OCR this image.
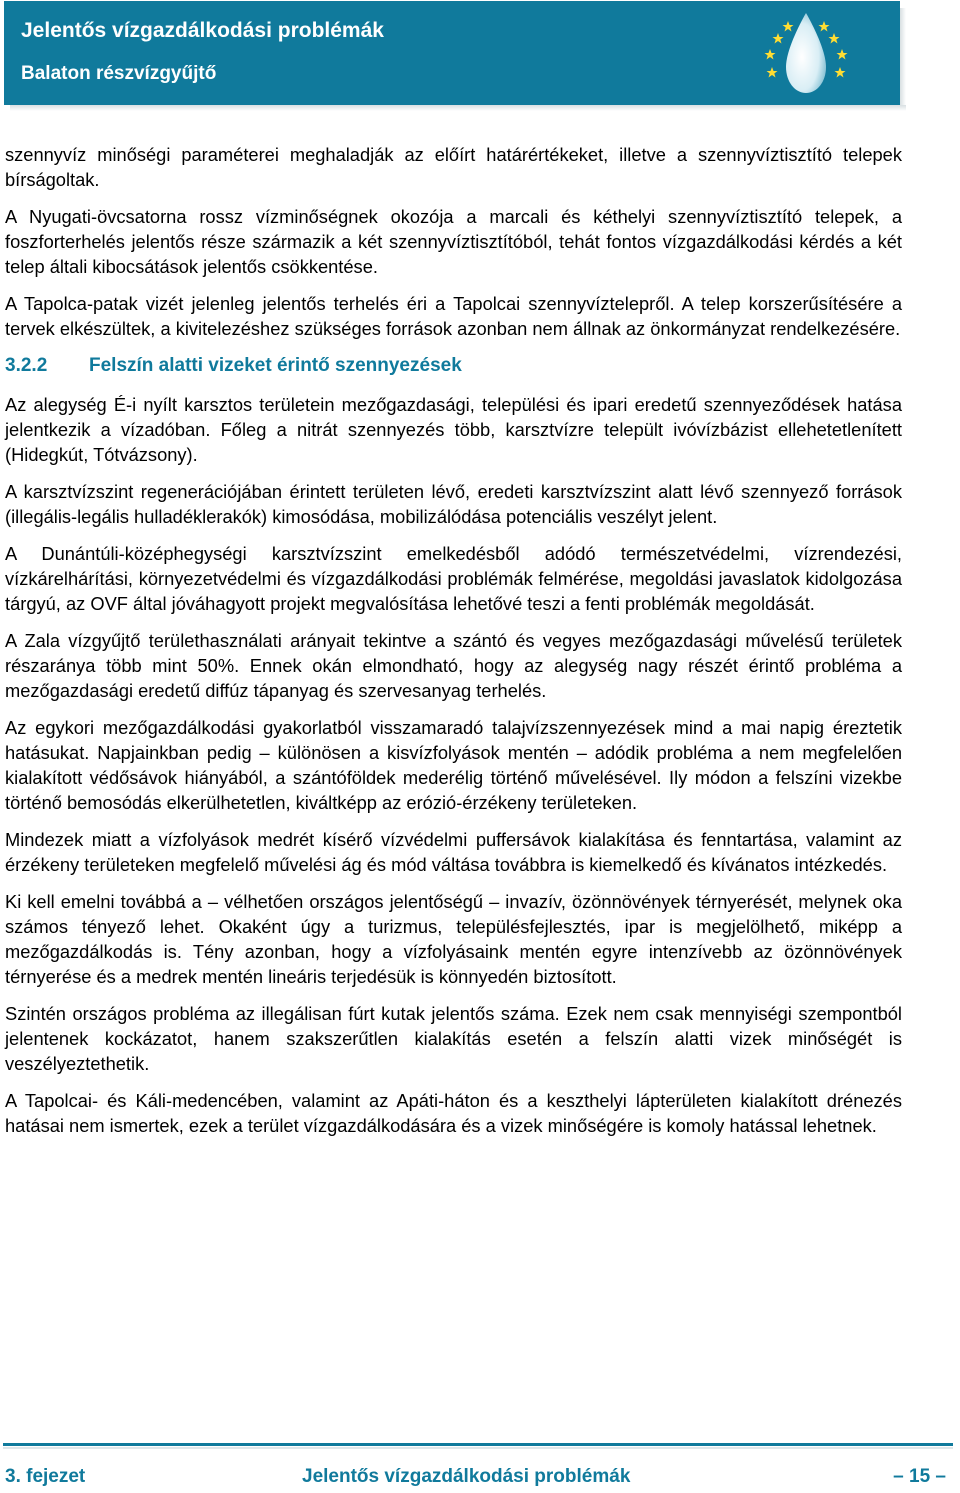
Jelentős vízgazdálkodási problémák
Balaton részvízgyűjtő

szennyvíz minőségi paraméterei meghaladják az előírt határértékeket, illetve a szennyvíztisztító telepek bírságoltak.

A Nyugati-övcsatorna rossz vízminőségnek okozója a marcali és kéthelyi szennyvíztisztító telepek, a foszforterhelés jelentős része származik a két szennyvíztisztítóból, tehát fontos vízgazdálkodási kérdés a két telep általi kibocsátások jelentős csökkentése.

A Tapolca-patak vizét jelenleg jelentős terhelés éri a Tapolcai szennyvíztelepről. A telep korszerűsítésére a tervek elkészültek, a kivitelezéshez szükséges források azonban nem állnak az önkormányzat rendelkezésére.

3.2.2 Felszín alatti vizeket érintő szennyezések

Az alegység É-i nyílt karsztos területein mezőgazdasági, települési és ipari eredetű szennyeződések hatása jelentkezik a vízadóban. Főleg a nitrát szennyezés több, karsztvízre települt ivóvízbázist ellehetetlenített (Hidegkút, Tótvázsony).

A karsztvízszint regenerációjában érintett területen lévő, eredeti karsztvízszint alatt lévő szennyező források (illegális-legális hulladéklerakók) kimosódása, mobilizálódása potenciális veszélyt jelent.

A Dunántúli-középhegységi karsztvízszint emelkedésből adódó természetvédelmi, vízrendezési, vízkárelhárítási, környezetvédelmi és vízgazdálkodási problémák felmérése, megoldási javaslatok kidolgozása tárgyú, az OVF által jóváhagyott projekt megvalósítása lehetővé teszi a fenti problémák megoldását.

A Zala vízgyűjtő területhasználati arányait tekintve a szántó és vegyes mezőgazdasági művelésű területek részaránya több mint 50%. Ennek okán elmondható, hogy az alegység nagy részét érintő probléma a mezőgazdasági eredetű diffúz tápanyag és szervesanyag terhelés.

Az egykori mezőgazdálkodási gyakorlatból visszamaradó talajvízszennyezések mind a mai napig éreztetik hatásukat. Napjainkban pedig – különösen a kisvízfolyások mentén – adódik probléma a nem megfelelően kialakított védősávok hiányából, a szántóföldek mederélig történő művelésével. Ily módon a felszíni vizekbe történő bemosódás elkerülhetetlen, kiváltképp az erózió-érzékeny területeken.

Mindezek miatt a vízfolyások medrét kísérő vízvédelmi puffersávok kialakítása és fenntartása, valamint az érzékeny területeken megfelelő művelési ág és mód váltása továbbra is kiemelkedő és kívánatos intézkedés.

Ki kell emelni továbbá a – vélhetően országos jelentőségű – invazív, özönnövények térnyerését, melynek oka számos tényező lehet. Okaként úgy a turizmus, településfejlesztés, ipar is megjelölhető, miképp a mezőgazdálkodás is. Tény azonban, hogy a vízfolyásaink mentén egyre intenzívebb az özönnövények térnyerése és a medrek mentén lineáris terjedésük is könnyedén biztosított.

Szintén országos probléma az illegálisan fúrt kutak jelentős száma. Ezek nem csak mennyiségi szempontból jelentenek kockázatot, hanem szakszerűtlen kialakítás esetén a felszín alatti vizek minőségét is veszélyeztethetik.

A Tapolcai- és Káli-medencében, valamint az Apáti-háton és a keszthelyi lápterületen kialakított drénezés hatásai nem ismertek, ezek a terület vízgazdálkodására és a vizek minőségére is komoly hatással lehetnek.

3. fejezet	Jelentős vízgazdálkodási problémák	– 15 –
